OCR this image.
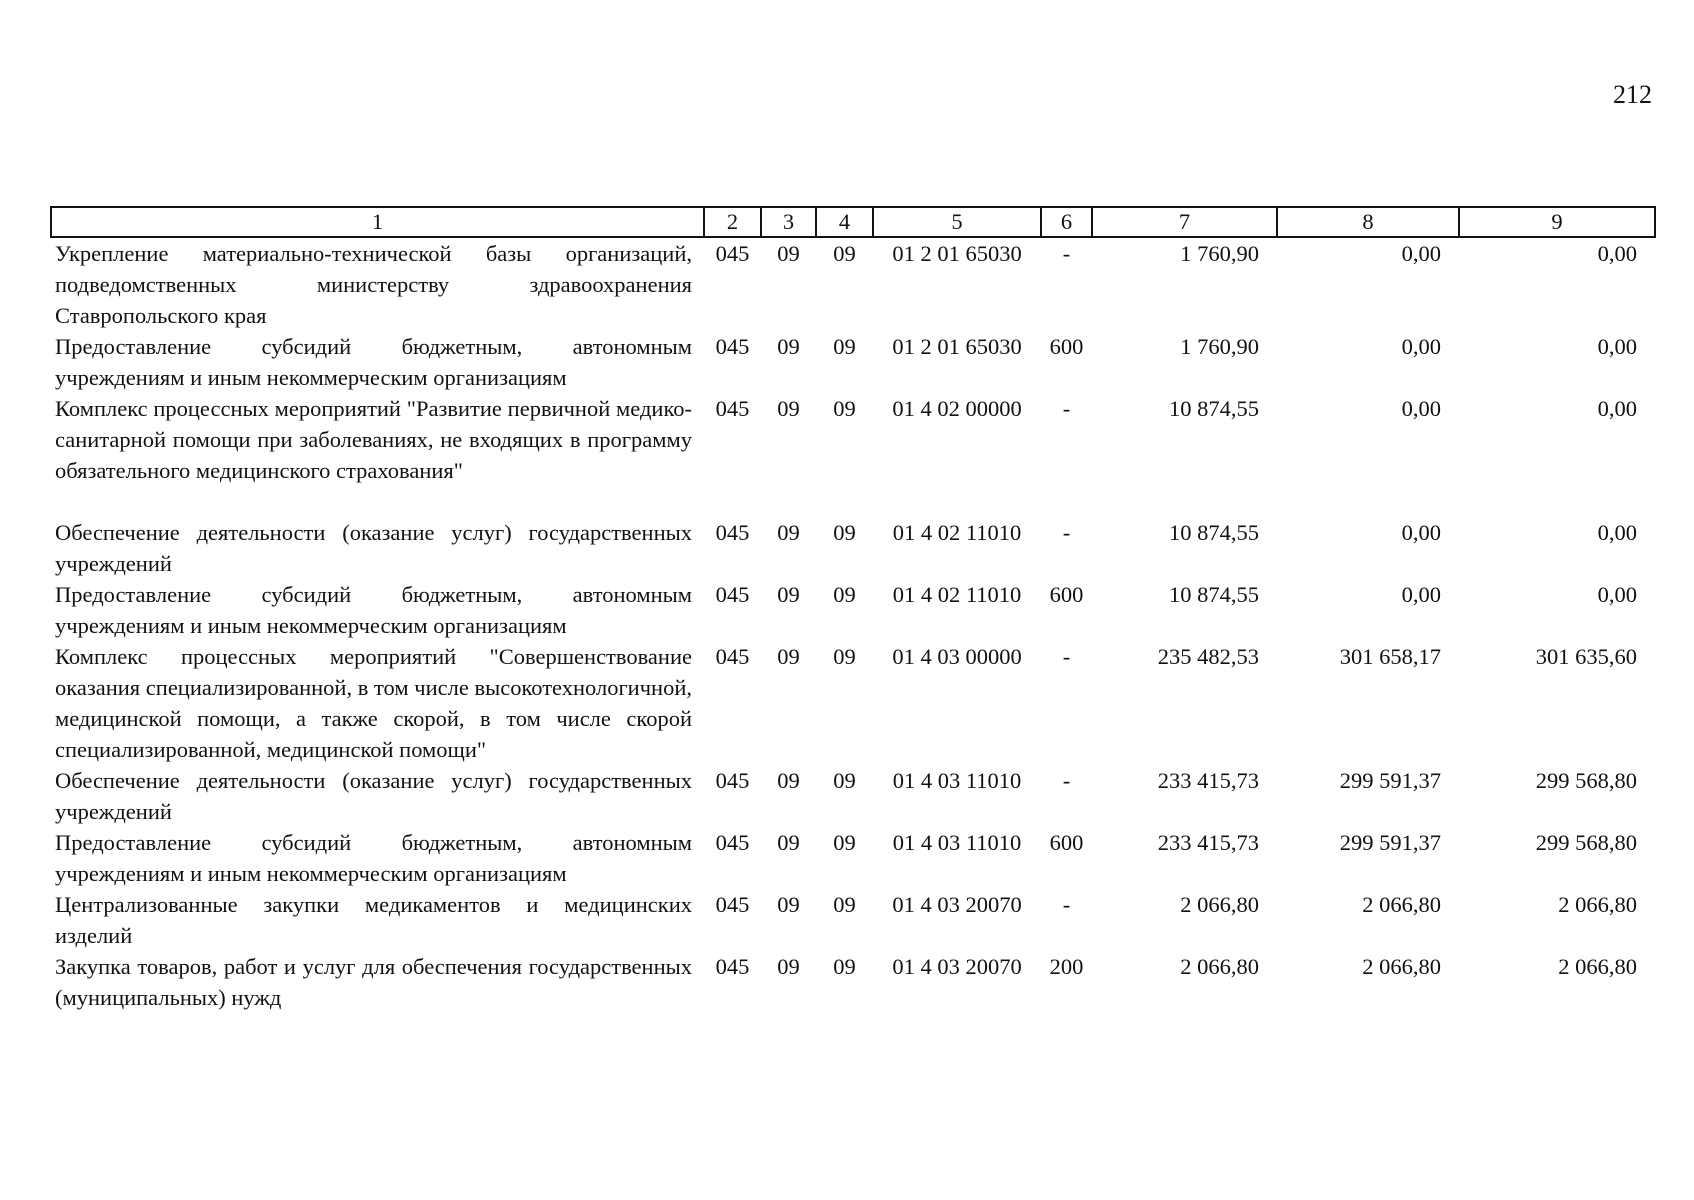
212
1	2	3	4	5	6	7	8	9
Укрепление материально-технической базы организаций, подведомственных министерству здравоохранения Ставропольского края	045	09	09	01 2 01 65030	-	1 760,90	0,00	0,00
Предоставление субсидий бюджетным, автономным учреждениям и иным некоммерческим организациям	045	09	09	01 2 01 65030	600	1 760,90	0,00	0,00
Комплекс процессных мероприятий "Развитие первичной медико-санитарной помощи при заболеваниях, не входящих в программу обязательного медицинского страхования"	045	09	09	01 4 02 00000	-	10 874,55	0,00	0,00
Обеспечение деятельности (оказание услуг) государственных учреждений	045	09	09	01 4 02 11010	-	10 874,55	0,00	0,00
Предоставление субсидий бюджетным, автономным учреждениям и иным некоммерческим организациям	045	09	09	01 4 02 11010	600	10 874,55	0,00	0,00
Комплекс процессных мероприятий "Совершенствование оказания специализированной, в том числе высокотехнологичной, медицинской помощи, а также скорой, в том числе скорой специализированной, медицинской помощи"	045	09	09	01 4 03 00000	-	235 482,53	301 658,17	301 635,60
Обеспечение деятельности (оказание услуг) государственных учреждений	045	09	09	01 4 03 11010	-	233 415,73	299 591,37	299 568,80
Предоставление субсидий бюджетным, автономным учреждениям и иным некоммерческим организациям	045	09	09	01 4 03 11010	600	233 415,73	299 591,37	299 568,80
Централизованные закупки медикаментов и медицинских изделий	045	09	09	01 4 03 20070	-	2 066,80	2 066,80	2 066,80
Закупка товаров, работ и услуг для обеспечения государственных (муниципальных) нужд	045	09	09	01 4 03 20070	200	2 066,80	2 066,80	2 066,80
